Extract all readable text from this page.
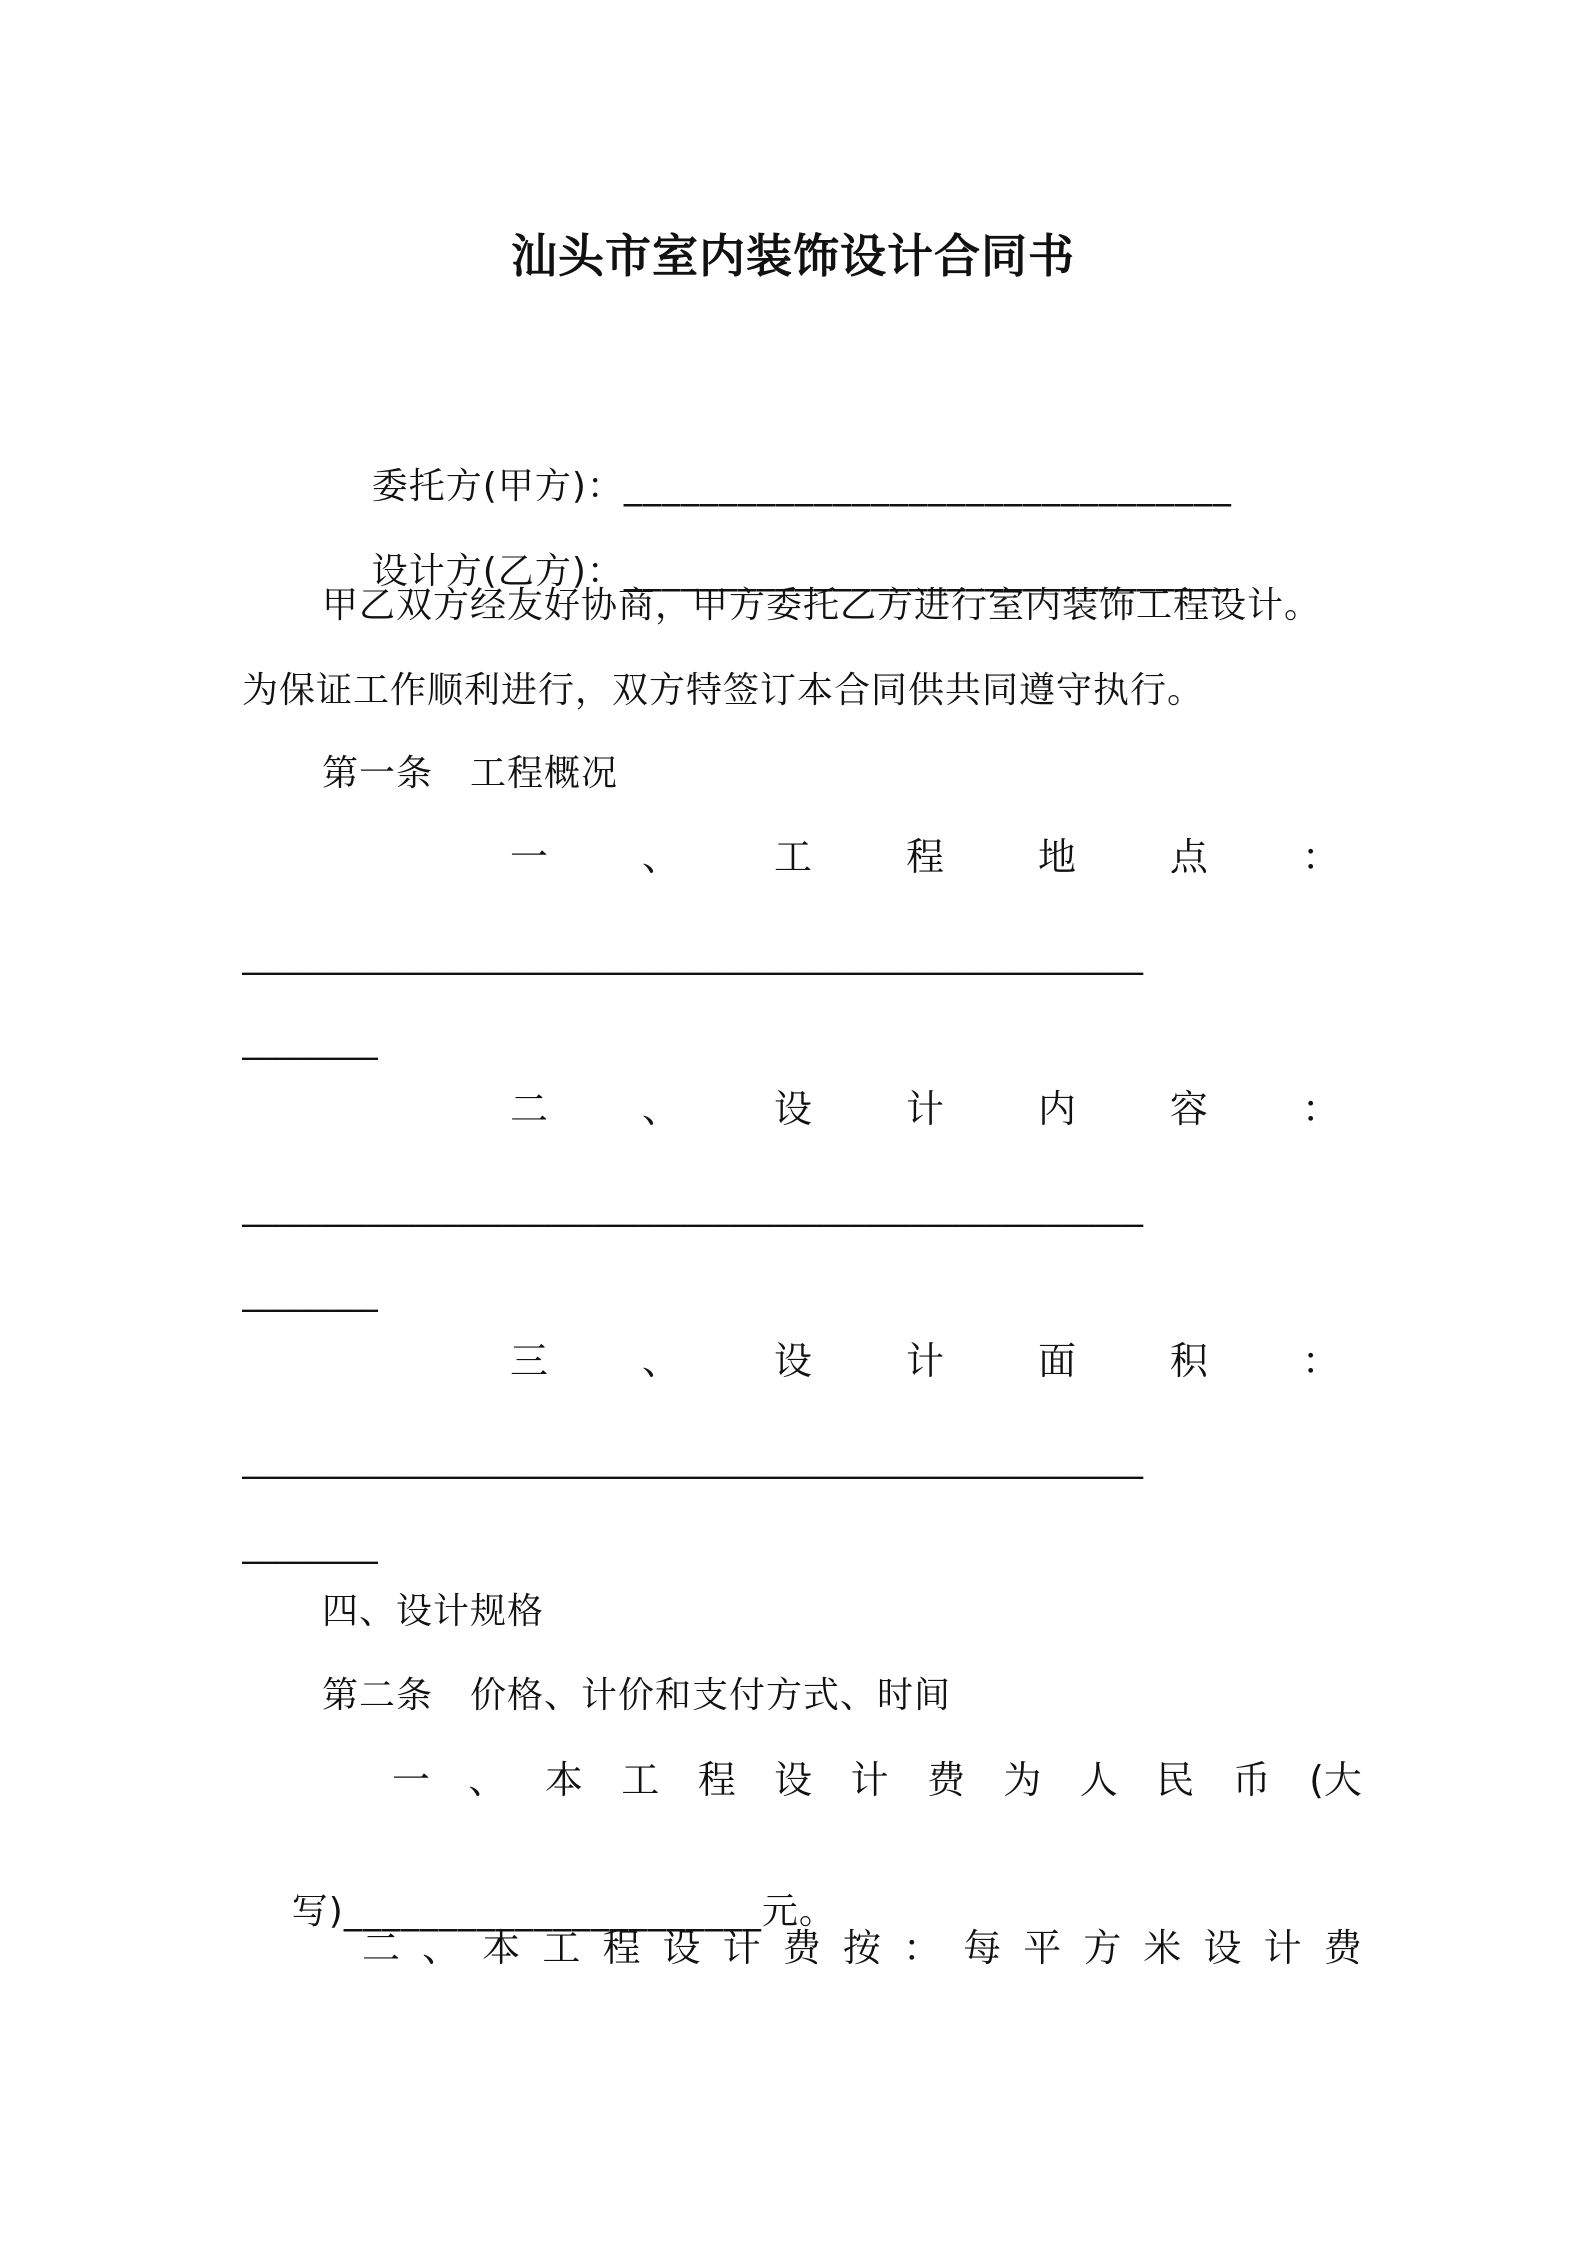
汕头市室内装饰设计合同书

委托方(甲方)：________________________________

设计方(乙方)：________________________________

甲乙双方经友好协商，甲方委托乙方进行室内装饰工程设计。
为保证工作顺利进行，双方特签订本合同供共同遵守执行。
第一条　工程概况
一 、 工 程 地 点 ：
_____________________________________________________
________
二 、 设 计 内 容 ：
_____________________________________________________
________
三 、 设 计 面 积 ：
_____________________________________________________
________
四、设计规格
第二条　价格、计价和支付方式、时间
一 、 本 工 程 设 计 费 为 人 民 币 (大

写)______________________元。

二 、 本 工 程 设 计 费 按 ： 每 平 方 米 设 计 费
